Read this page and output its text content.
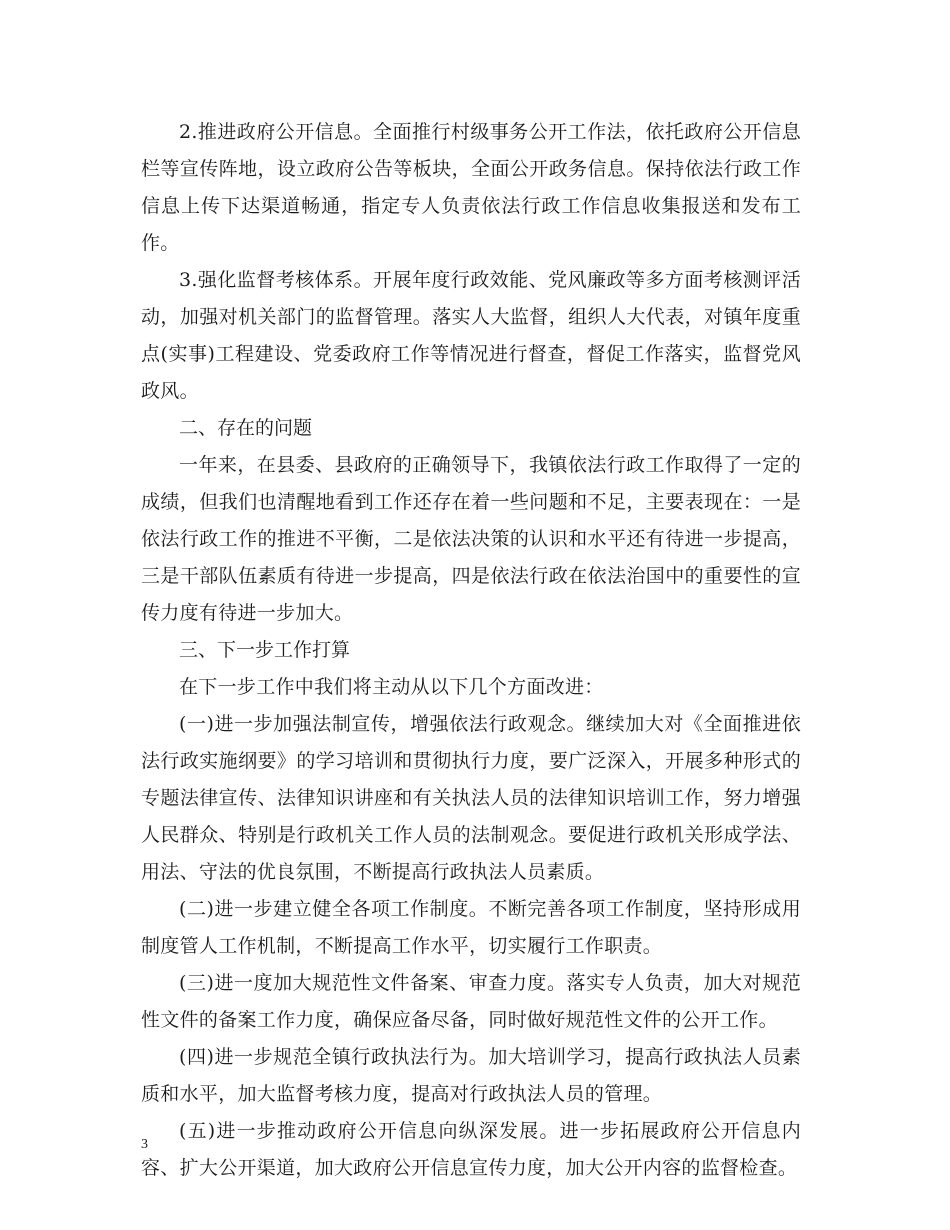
2.推进政府公开信息。全面推行村级事务公开工作法，依托政府公开信息栏等宣传阵地，设立政府公告等板块，全面公开政务信息。保持依法行政工作信息上传下达渠道畅通，指定专人负责依法行政工作信息收集报送和发布工作。

3.强化监督考核体系。开展年度行政效能、党风廉政等多方面考核测评活动，加强对机关部门的监督管理。落实人大监督，组织人大代表，对镇年度重点(实事)工程建设、党委政府工作等情况进行督查，督促工作落实，监督党风政风。

二、存在的问题

一年来，在县委、县政府的正确领导下，我镇依法行政工作取得了一定的成绩，但我们也清醒地看到工作还存在着一些问题和不足，主要表现在：一是依法行政工作的推进不平衡，二是依法决策的认识和水平还有待进一步提高，三是干部队伍素质有待进一步提高，四是依法行政在依法治国中的重要性的宣传力度有待进一步加大。

三、下一步工作打算

在下一步工作中我们将主动从以下几个方面改进：

(一)进一步加强法制宣传，增强依法行政观念。继续加大对《全面推进依法行政实施纲要》的学习培训和贯彻执行力度，要广泛深入，开展多种形式的专题法律宣传、法律知识讲座和有关执法人员的法律知识培训工作，努力增强人民群众、特别是行政机关工作人员的法制观念。要促进行政机关形成学法、用法、守法的优良氛围，不断提高行政执法人员素质。

(二)进一步建立健全各项工作制度。不断完善各项工作制度，坚持形成用制度管人工作机制，不断提高工作水平，切实履行工作职责。

(三)进一度加大规范性文件备案、审查力度。落实专人负责，加大对规范性文件的备案工作力度，确保应备尽备，同时做好规范性文件的公开工作。

(四)进一步规范全镇行政执法行为。加大培训学习，提高行政执法人员素质和水平，加大监督考核力度，提高对行政执法人员的管理。

(五)进一步推动政府公开信息向纵深发展。进一步拓展政府公开信息内容、扩大公开渠道，加大政府公开信息宣传力度，加大公开内容的监督检查。

3
